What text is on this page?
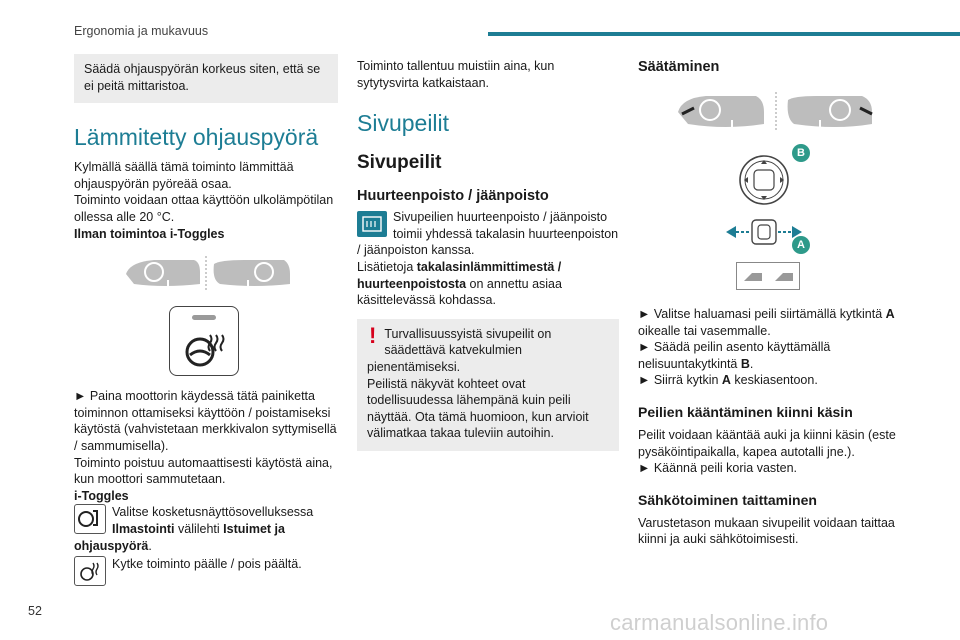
Ergonomia ja mukavuus

Säädä ohjauspyörän korkeus siten, että se ei peitä mittaristoa.

Lämmitetty ohjauspyörä

Kylmällä säällä tämä toiminto lämmittää ohjauspyörän pyöreää osaa.

Toiminto voidaan ottaa käyttöön ulkolämpötilan ollessa alle 20 °C.

Ilman toimintoa i-Toggles

► Paina moottorin käydessä tätä painiketta toiminnon ottamiseksi käyttöön / poistamiseksi käytöstä (vahvistetaan merkkivalon syttymisellä / sammumisella).

Toiminto poistuu automaattisesti käytöstä aina, kun moottori sammutetaan.

i-Toggles

Valitse kosketusnäyttösovelluksessa Ilmastointi välilehti Istuimet ja ohjauspyörä.

Kytke toiminto päälle / pois päältä.

Toiminto tallentuu muistiin aina, kun sytytysvirta katkaistaan.

Sivupeilit
Sivupeilit
Huurteenpoisto / jäänpoisto

Sivupeilien huurteenpoisto / jäänpoisto toimii yhdessä takalasin huurteenpoiston / jäänpoiston kanssa.

Lisätietoja takalasinlämmittimestä / huurteenpoistosta on annettu asiaa käsittelevässä kohdassa.

! Turvallisuussyistä sivupeilit on säädettävä katvekulmien pienentämiseksi.

Peilistä näkyvät kohteet ovat todellisuudessa lähempänä kuin peili näyttää. Ota tämä huomioon, kun arvioit välimatkaa takaa tuleviin autoihin.

Säätäminen
B
A

► Valitse haluamasi peili siirtämällä kytkintä A oikealle tai vasemmalle.

► Säädä peilin asento käyttämällä nelisuuntakytkintä B.

► Siirrä kytkin A keskiasentoon.

Peilien kääntäminen kiinni käsin

Peilit voidaan kääntää auki ja kiinni käsin (este pysäköintipaikalla, kapea autotalli jne.).

► Käännä peili koria vasten.

Sähkötoiminen taittaminen

Varustetason mukaan sivupeilit voidaan taittaa kiinni ja auki sähkötoimisesti.

52	carmanualsonline.info
